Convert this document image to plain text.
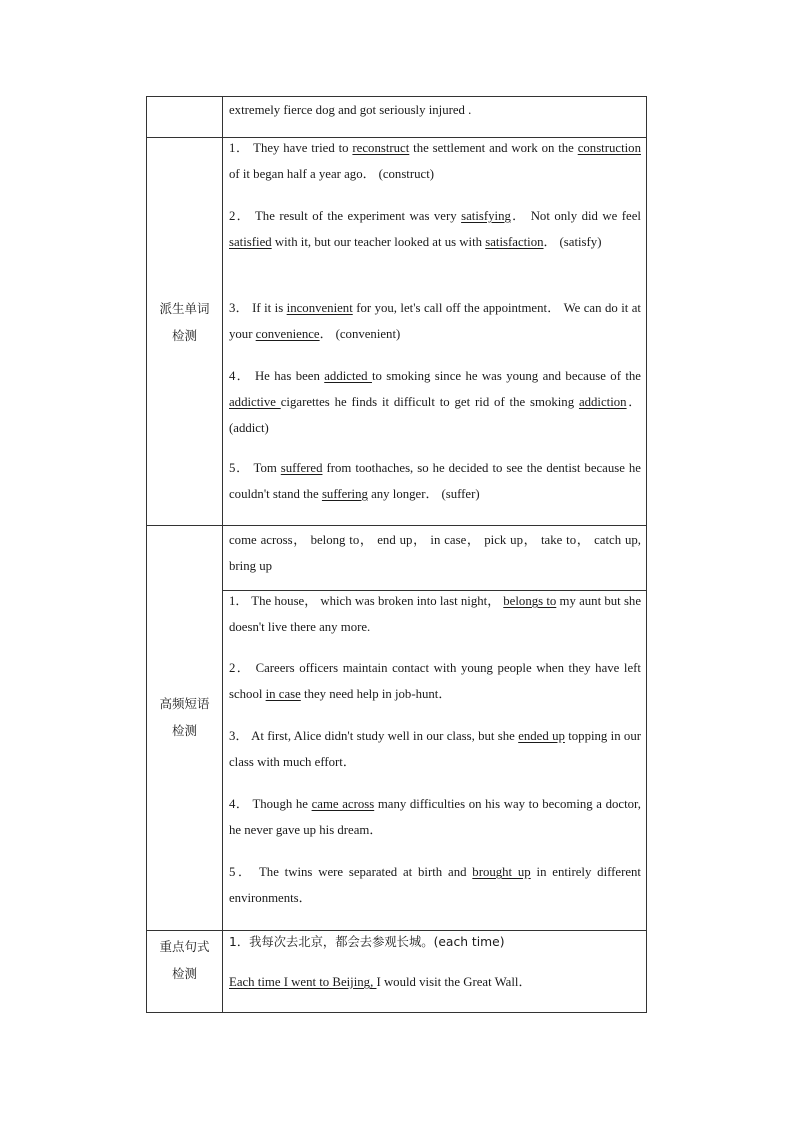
extremely fierce dog and got seriously injured .

派生单词
检测

come across， belong to， end up， in case， pick up， take to， catch up, bring up

高频短语
检测
重点句式
检测

1．我每次去北京，都会去参观长城。(each time)

Each time I went to Beijing, I would visit the Great Wall．

1． They have tried to reconstruct the settlement and work on the construction of it began half a year ago． (construct)

2． The result of the experiment was very satisfying． Not only did we feel satisfied with it, but our teacher looked at us with satisfaction． (satisfy)

3． If it is inconvenient for you, let's call off the appointment． We can do it at your convenience． (convenient)

4． He has been addicted to smoking since he was young and because of the addictive cigarettes he finds it difficult to get rid of the smoking addiction． (addict)

5． Tom suffered from toothaches, so he decided to see the dentist because he couldn't stand the suffering any longer． (suffer)

1． The house， which was broken into last night， belongs to my aunt but she doesn't live there any more.

2． Careers officers maintain contact with young people when they have left school in case they need help in job-hunt．

3． At first, Alice didn't study well in our class, but she ended up topping in our class with much effort．

4． Though he came across many difficulties on his way to becoming a doctor, he never gave up his dream．

5． The twins were separated at birth and brought up in entirely different environments．
